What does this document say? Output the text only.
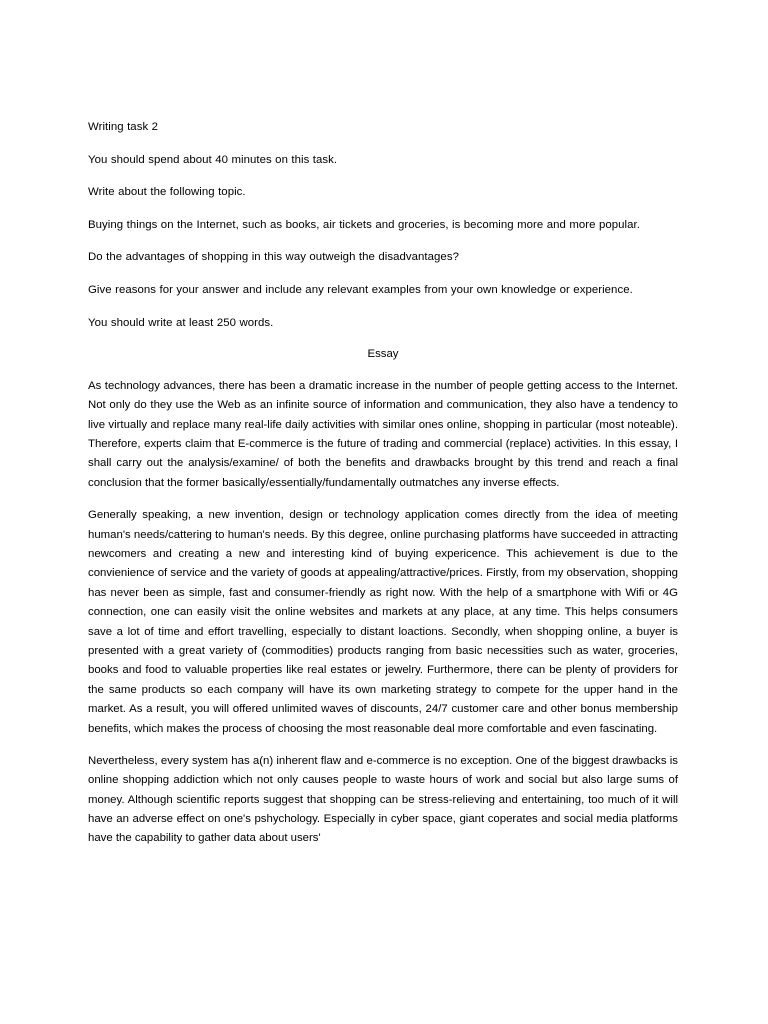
Writing task 2

You should spend about 40 minutes on this task.

Write about the following topic.

Buying things on the Internet, such as books, air tickets and groceries, is becoming more and more popular.

Do the advantages of shopping in this way outweigh the disadvantages?

Give reasons for your answer and include any relevant examples from your own knowledge or experience.

You should write at least 250 words.

Essay

As technology advances, there has been a dramatic increase in the number of people getting access to the Internet. Not only do they use the Web as an infinite source of information and communication, they also have a tendency to live virtually and replace many real-life daily activities with similar ones online, shopping in particular (most noteable). Therefore, experts claim that E-commerce is the future of trading and commercial (replace) activities. In this essay, I shall carry out the analysis/examine/ of both the benefits and drawbacks brought by this trend and reach a final conclusion that the former basically/essentially/fundamentally outmatches any inverse effects.

Generally speaking, a new invention, design or technology application comes directly from the idea of meeting human's needs/cattering to human's needs. By this degree, online purchasing platforms have succeeded in attracting newcomers and creating a new and interesting kind of buying expericence. This achievement is due to the convienience of service and the variety of goods at appealing/attractive/prices. Firstly, from my observation, shopping has never been as simple, fast and consumer-friendly as right now. With the help of a smartphone with Wifi or 4G connection, one can easily visit the online websites and markets at any place, at any time. This helps consumers save a lot of time and effort travelling, especially to distant loactions. Secondly, when shopping online, a buyer is presented with a great variety of (commodities) products ranging from basic necessities such as water, groceries, books and food to valuable properties like real estates or jewelry. Furthermore, there can be plenty of providers for the same products so each company will have its own marketing strategy to compete for the upper hand in the market. As a result, you will offered unlimited waves of discounts, 24/7 customer care and other bonus membership benefits, which makes the process of choosing the most reasonable deal more comfortable and even fascinating.

Nevertheless, every system has a(n) inherent flaw and e-commerce is no exception. One of the biggest drawbacks is online shopping addiction which not only causes people to waste hours of work and social but also large sums of money. Although scientific reports suggest that shopping can be stress-relieving and entertaining, too much of it will have an adverse effect on one's pshychology. Especially in cyber space, giant coperates and social media platforms have the capability to gather data about users'
